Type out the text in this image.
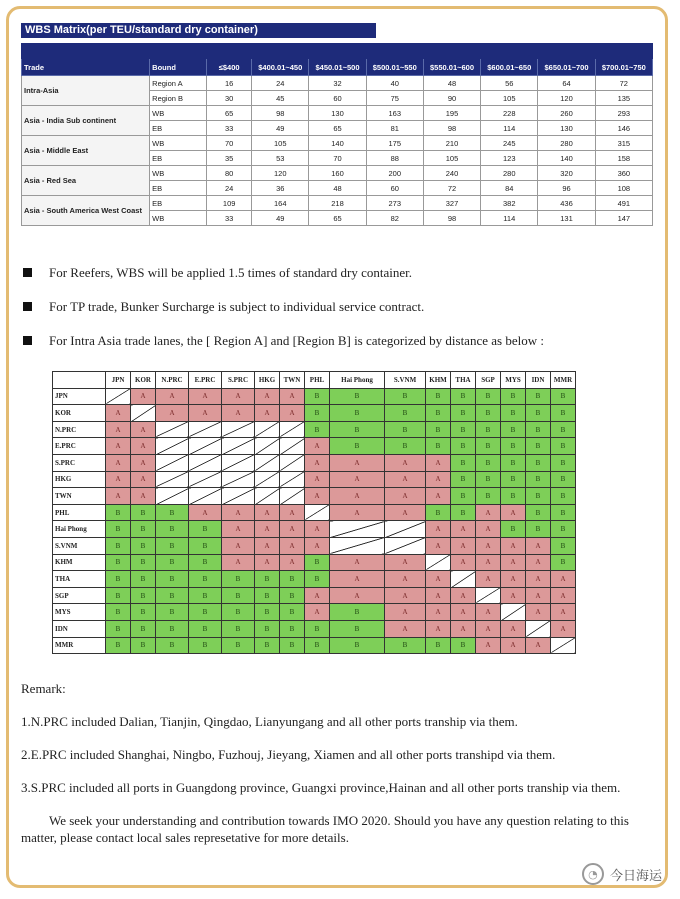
WBS Matrix(per TEU/standard dry container)

Trade	Bound	≤$400	$400.01~450	$450.01~500	$500.01~550	$550.01~600	$600.01~650	$650.01~700	$700.01~750
Intra-Asia	Region A	16	24	32	40	48	56	64	72
	Region B	30	45	60	75	90	105	120	135
Asia - India Sub continent	WB	65	98	130	163	195	228	260	293
	EB	33	49	65	81	98	114	130	146
Asia - Middle East	WB	70	105	140	175	210	245	280	315
	EB	35	53	70	88	105	123	140	158
Asia - Red Sea	WB	80	120	160	200	240	280	320	360
	EB	24	36	48	60	72	84	96	108
Asia - South America West Coast	EB	109	164	218	273	327	382	436	491
	WB	33	49	65	82	98	114	131	147
For Reefers, WBS will be applied 1.5 times of standard dry container.
For TP trade, Bunker Surcharge is subject to individual service contract.
For Intra Asia trade lanes, the [ Region A] and [Region B] is categorized by distance as below :
	JPN	KOR	N.PRC	E.PRC	S.PRC	HKG	TWN	PHL	Hai Phong	S.VNM	KHM	THA	SGP	MYS	IDN	MMR
JPN		A	A	A	A	A	A	B	B	B	B	B	B	B	B	B
KOR	A		A	A	A	A	A	B	B	B	B	B	B	B	B	B
N.PRC	A	A						B	B	B	B	B	B	B	B	B
E.PRC	A	A						A	B	B	B	B	B	B	B	B
S.PRC	A	A						A	A	A	A	B	B	B	B	B
HKG	A	A						A	A	A	A	B	B	B	B	B
TWN	A	A						A	A	A	A	B	B	B	B	B
PHL	B	B	B	A	A	A	A		A	A	B	B	A	A	B	B
Hai Phong	B	B	B	B	A	A	A	A			A	A	A	B	B	B
S.VNM	B	B	B	B	A	A	A	A			A	A	A	A	A	B
KHM	B	B	B	B	A	A	A	B	A	A		A	A	A	A	B
THA	B	B	B	B	B	B	B	B	A	A	A		A	A	A	A
SGP	B	B	B	B	B	B	B	A	A	A	A	A		A	A	A
MYS	B	B	B	B	B	B	B	A	B	A	A	A	A		A	A
IDN	B	B	B	B	B	B	B	B	B	A	A	A	A	A		A
MMR	B	B	B	B	B	B	B	B	B	B	B	B	A	A	A	

Remark:

1.N.PRC included Dalian, Tianjin, Qingdao, Lianyungang and all other ports tranship via them.

2.E.PRC included Shanghai, Ningbo, Fuzhouj, Jieyang, Xiamen and all other ports transhipd via them.

3.S.PRC included all ports in Guangdong province, Guangxi province,Hainan and all other ports tranship via them.

We seek your understanding and contribution towards IMO 2020. Should you have any question relating to this matter, please contact local sales represetative for more details.

◔ 今日海运
